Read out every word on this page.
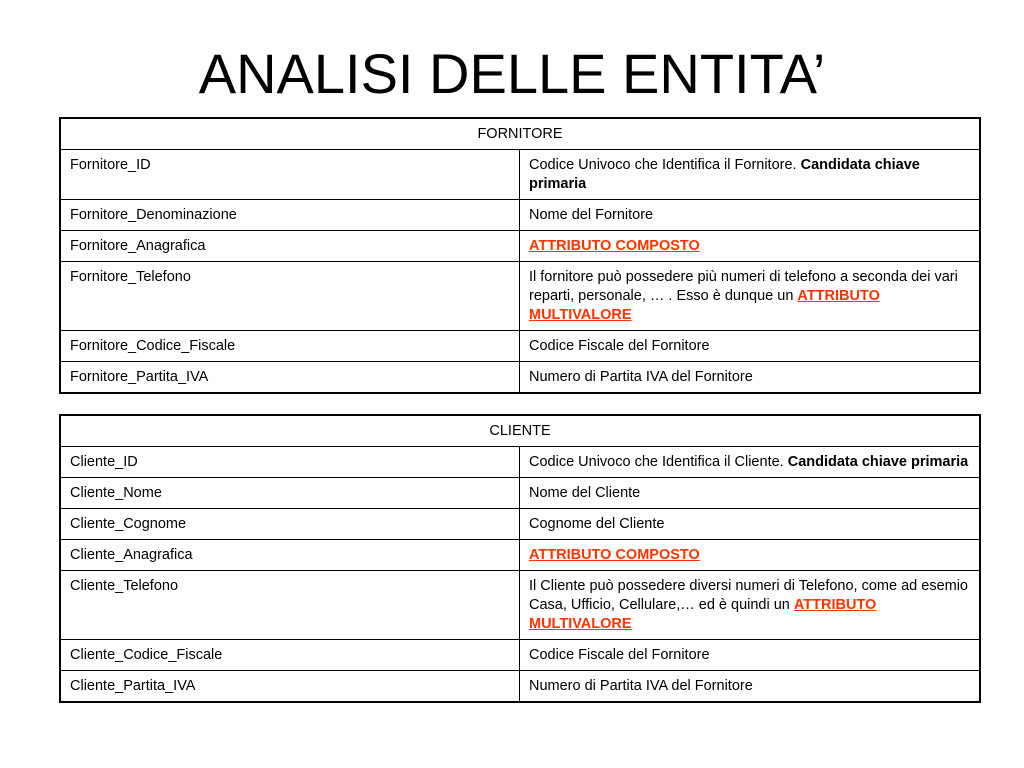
ANALISI DELLE ENTITA’
FORNITORE	
Fornitore_ID	Codice Univoco che Identifica il Fornitore. Candidata chiave primaria
Fornitore_Denominazione	Nome del Fornitore
Fornitore_Anagrafica	ATTRIBUTO COMPOSTO
Fornitore_Telefono	Il fornitore può possedere più numeri di telefono a seconda dei vari reparti, personale, … . Esso è dunque un ATTRIBUTO MULTIVALORE
Fornitore_Codice_Fiscale	Codice Fiscale del Fornitore
Fornitore_Partita_IVA	Numero di Partita IVA del Fornitore
CLIENTE	
Cliente_ID	Codice Univoco che Identifica il Cliente. Candidata chiave primaria
Cliente_Nome	Nome del Cliente
Cliente_Cognome	Cognome del Cliente
Cliente_Anagrafica	ATTRIBUTO COMPOSTO
Cliente_Telefono	Il Cliente può possedere diversi numeri di Telefono, come ad esemio Casa, Ufficio, Cellulare,… ed è quindi un ATTRIBUTO MULTIVALORE
Cliente_Codice_Fiscale	Codice Fiscale del Fornitore
Cliente_Partita_IVA	Numero di Partita IVA del Fornitore
